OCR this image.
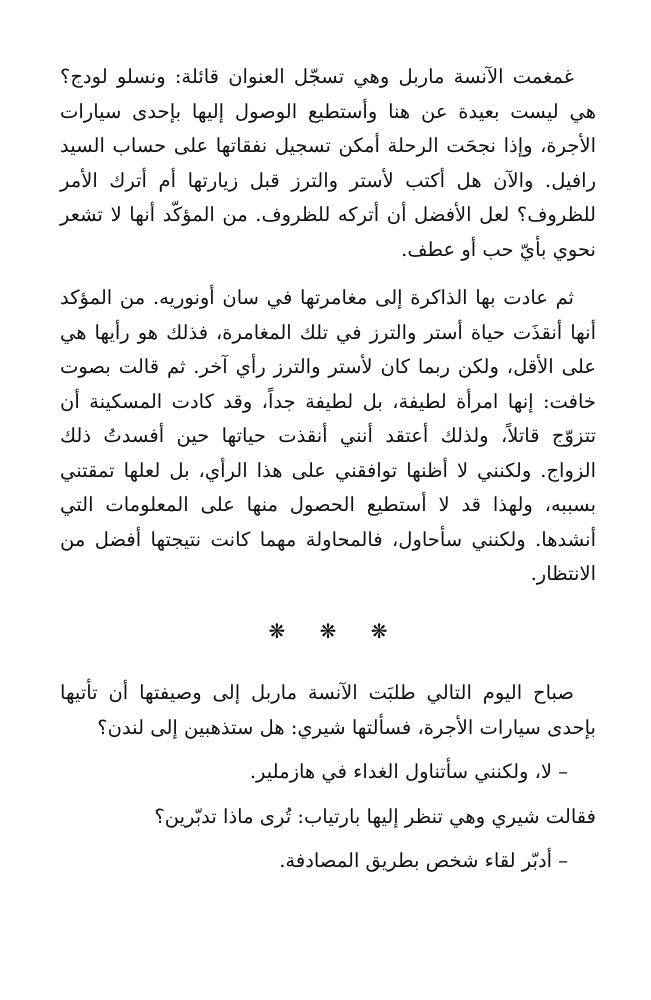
غمغمت الآنسة ماربل وهي تسجّل العنوان قائلة: ونسلو لودج؟ هي ليست بعيدة عن هنا وأستطيع الوصول إليها بإحدى سيارات الأجرة، وإذا نجحَت الرحلة أمكن تسجيل نفقاتها على حساب السيد رافيل. والآن هل أكتب لأستر والترز قبل زيارتها أم أترك الأمر للظروف؟ لعل الأفضل أن أتركه للظروف. من المؤكّد أنها لا تشعر نحوي بأيّ حب أو عطف.

ثم عادت بها الذاكرة إلى مغامرتها في سان أونوريه. من المؤكد أنها أنقذَت حياة أستر والترز في تلك المغامرة، فذلك هو رأيها هي على الأقل، ولكن ربما كان لأستر والترز رأي آخر. ثم قالت بصوت خافت: إنها امرأة لطيفة، بل لطيفة جداً، وقد كادت المسكينة أن تتزوّج قاتلاً، ولذلك أعتقد أنني أنقذت حياتها حين أفسدتُ ذلك الزواج. ولكنني لا أظنها توافقني على هذا الرأي، بل لعلها تمقتني بسببه، ولهذا قد لا أستطيع الحصول منها على المعلومات التي أنشدها. ولكنني سأحاول، فالمحاولة مهما كانت نتيجتها أفضل من الانتظار.

❋ ❋ ❋

صباح اليوم التالي طلبَت الآنسة ماربل إلى وصيفتها أن تأتيها بإحدى سيارات الأجرة، فسألتها شيري: هل ستذهبين إلى لندن؟

– لا، ولكنني سأتناول الغداء في هازملير.

فقالت شيري وهي تنظر إليها بارتياب: تُرى ماذا تدبّرين؟

– أدبّر لقاء شخص بطريق المصادفة.
